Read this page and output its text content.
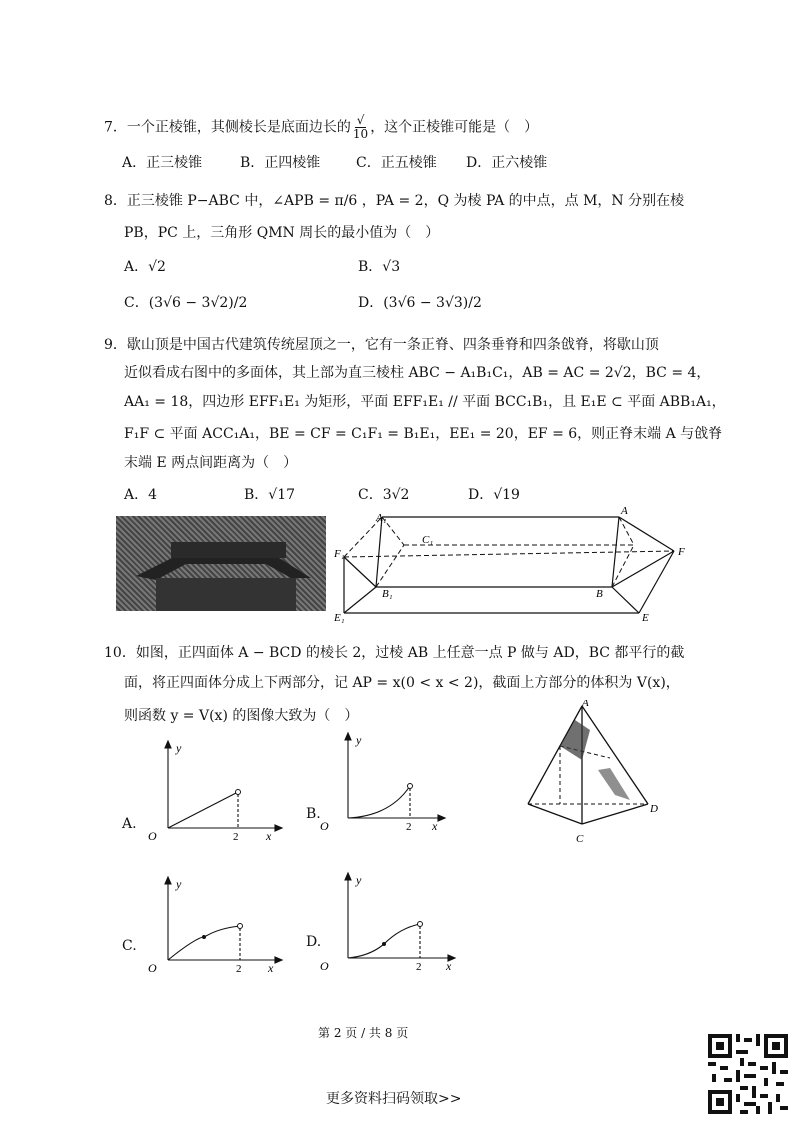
7．一个正棱锥，其侧棱长是底面边长的 $\frac{√}{10}$ ，这个正棱锥可能是（　）
A．正三棱锥	B．正四棱锥	C．正五棱锥 D．正六棱锥
8．正三棱锥 P−ABC 中，∠APB = π/6 ，PA = 2，Q 为棱 PA 的中点，点 M，N 分别在棱
PB，PC 上，三角形 QMN 周长的最小值为（　）
A．√2	B．√3
C．(3√6 − 3√2)/2	D．(3√6 − 3√3)/2
9．歇山顶是中国古代建筑传统屋顶之一，它有一条正脊、四条垂脊和四条戗脊，将歇山顶
近似看成右图中的多面体，其上部为直三棱柱 ABC − A₁B₁C₁，AB = AC = 2√2，BC = 4，
AA₁ = 18，四边形 EFF₁E₁ 为矩形，平面 EFF₁E₁ // 平面 BCC₁B₁，且 E₁E ⊂ 平面 ABB₁A₁，
F₁F ⊂ 平面 ACC₁A₁，BE = CF = C₁F₁ = B₁E₁，EE₁ = 20，EF = 6，则正脊末端 A 与戗脊
末端 E 两点间距离为（　）
A．4	B．√17	C．3√2	D．√19
A₁
A
F₁
C₁
F
B₁	B
E₁	E
10．如图，正四面体 A − BCD 的棱长 2，过棱 AB 上任意一点 P 做与 AD，BC 都平行的截
面，将正四面体分成上下两部分，记 AP = x(0 < x < 2)，截面上方部分的体积为 V(x)，
则函数 y = V(x) 的图像大致为（　）
A.
y
x
O	2
B.
y
x
O	2
A
D
C
C.
y
x
O	2
D.
y
x
O	2
第 2 页 / 共 8 页
更多资料扫码领取>>
